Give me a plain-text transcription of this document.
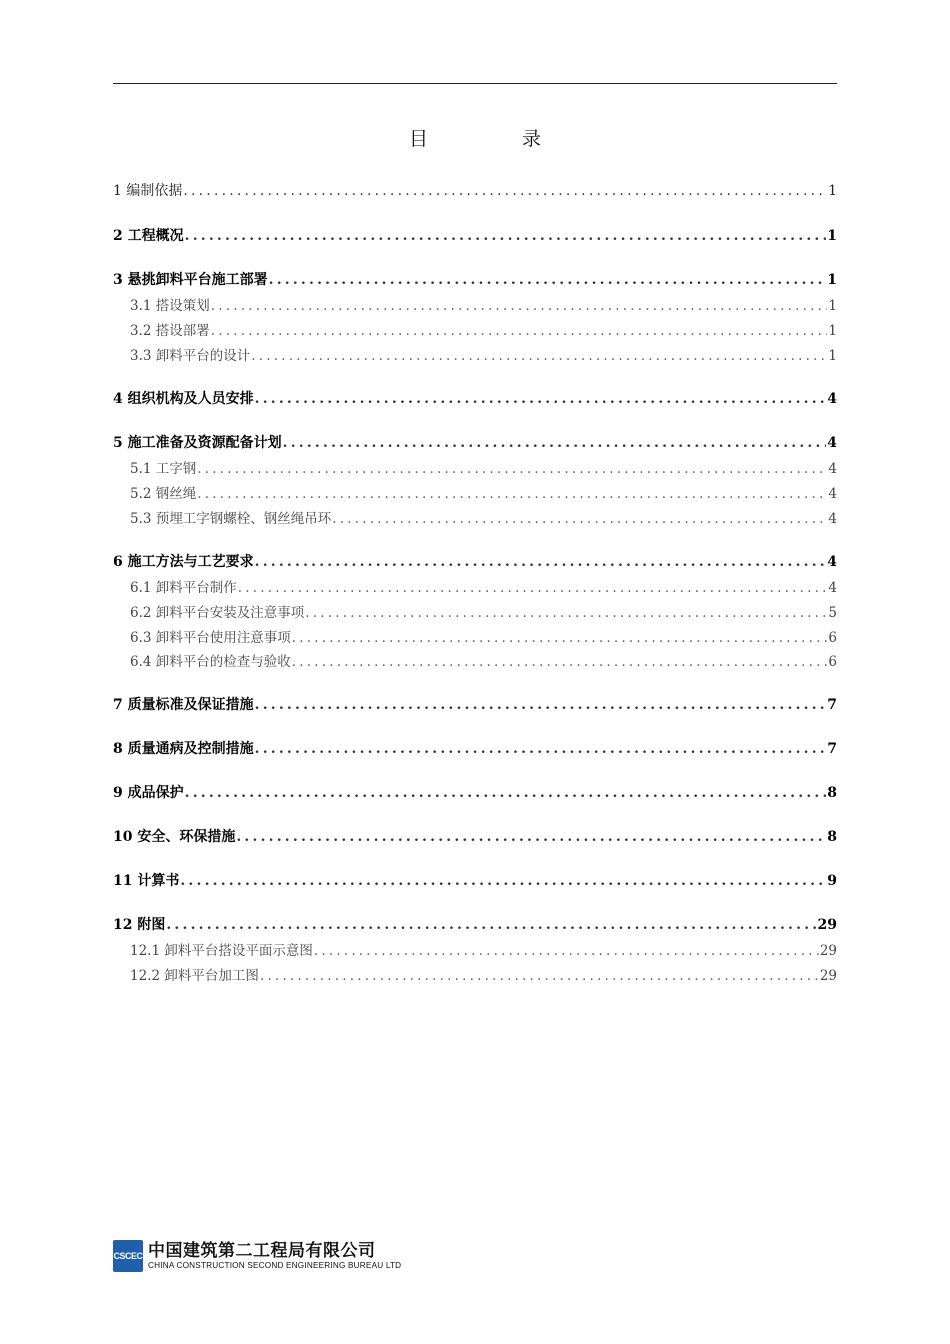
目 录
1 编制依据 .....	1
2 工程概况 .....	1
3 悬挑卸料平台施工部署 .....	1
3.1 搭设策划 .....	1
3.2 搭设部署 .....	1
3.3 卸料平台的设计 .....	1
4 组织机构及人员安排 .....	4
5 施工准备及资源配备计划 .....	4
5.1 工字钢 .....	4
5.2 钢丝绳 .....	4
5.3 预埋工字钢螺栓、钢丝绳吊环 .....	4
6 施工方法与工艺要求 .....	4
6.1 卸料平台制作 .....	4
6.2 卸料平台安装及注意事项 .....	5
6.3 卸料平台使用注意事项 .....	6
6.4 卸料平台的检查与验收 .....	6
7 质量标准及保证措施 .....	7
8 质量通病及控制措施 .....	7
9 成品保护 .....	8
10 安全、环保措施 .....	8
11 计算书 .....	9
12 附图 .....	29
12.1 卸料平台搭设平面示意图 .....	29
12.2 卸料平台加工图 .....	29
CSCEC 中国建筑第二工程局有限公司
CHINA CONSTRUCTION SECOND ENGINEERING BUREAU LTD
